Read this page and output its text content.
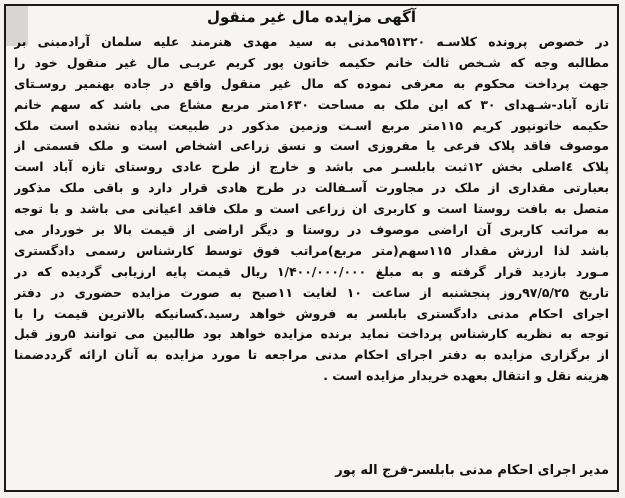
آگهی مزایده مال غیر منقول
در خصوص پرونده کلاسـه ۹۵۱۳۲۰مدنی به سید مهدی هنرمند علیه سلمان آرادمبنی بر
مطالبه وجه که شـخص ثالث خانم حکیمه خاتون پور کریم عربـی مال غیر منقول خود را
جهت پرداخت محکوم به معرفی نموده که مال غیر منقول واقع در جاده بهنمیر روسـتای
تازه آباد-شـهدای ۳۰ که این ملک به مساحت ۱۶۳۰متر مربع مشاع می باشد که سهم خانم
حکیمه خاتونپور کریم ۱۱۵متر مربع اسـت وزمین مذکور در طبیعت پیاده نشده است ملک
موصوف فاقد پلاک فرعی یا مفروزی است و نسق زراعی اشخاص است و ملک قسمتی از
پلاک ٤اصلی بخش ۱۲ثبت بابلسـر می باشد و خارج از طرح عادی روستای تازه آباد است
بعبارتی مقداری از ملک در مجاورت آسـفالت در طرح هادی قرار دارد و باقی ملک مذکور
متصل به بافت روستا است و کاربری ان زراعی است و ملک فاقد اعیانی می باشد و با توجه
به مراتب کاربری آن اراضی موصوف در روستا و دیگر اراضی از قیمت بالا بر خوردار می
باشد لذا ارزش مقدار ۱۱۵سهم(متر مربع)مراتب فوق توسط کارشناس رسمی دادگستری
مـورد بازدید قرار گرفته و به مبلغ ۱/۴۰۰/۰۰۰/۰۰۰ ریال قیمت پایه ارزیابی گردیده که در
تاریخ ۹۷/۵/۲۵روز پنجشنبه از ساعت ۱۰ لغایت ۱۱صبح به صورت مزایده حضوری در دفتر
اجرای احکام مدنی دادگستری بابلسر به فروش خواهد رسید.کسانیکه بالاترین قیمت را با
توجه به نظریه کارشناس پرداخت نماید برنده مزایده خواهد بود طالبین می توانند ۵روز قبل
از برگزاری مزایده به دفتر اجرای احکام مدنی مراجعه تا مورد مزایده به آنان ارائه گرددضمنا
هزینه نقل و انتقال بعهده خریدار مزایده است .
مدیر اجرای احکام مدنی بابلسر-فرج اله پور
